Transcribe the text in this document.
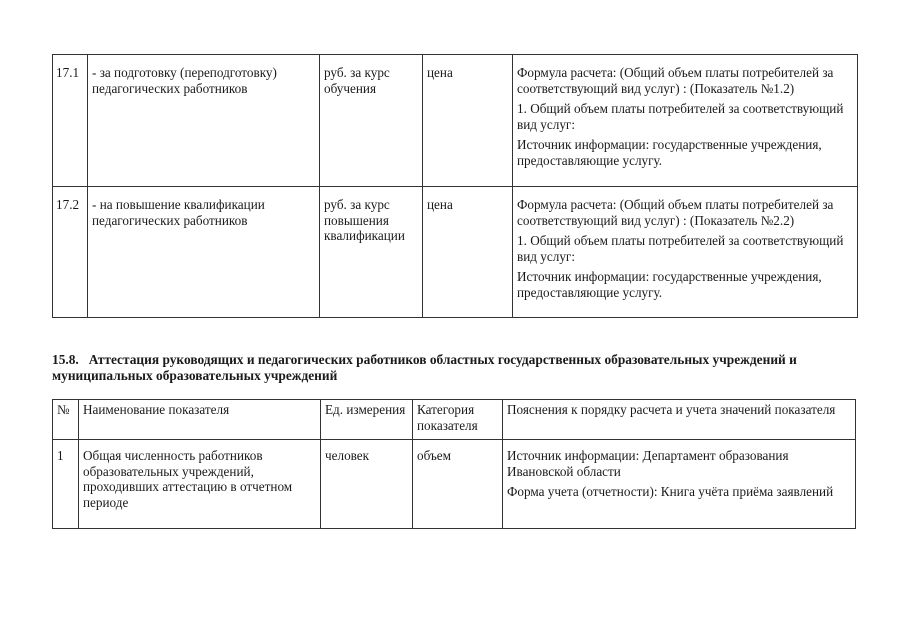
17.1	- за подготовку (переподготовку) педагогических работников	руб. за курс обучения	цена	Формула расчета: (Общий объем платы потребителей за соответствующий вид услуг) : (Показатель №1.2)

1. Общий объем платы потребителей за соответствующий вид услуг:

Источник информации: государственные учреждения, предоставляющие услугу.

17.2	- на повышение квалификации педагогических работников	руб. за курс повышения квалификации	цена	Формула расчета: (Общий объем платы потребителей за соответствующий вид услуг) : (Показатель №2.2)

1. Общий объем платы потребителей за соответствующий вид услуг:

Источник информации: государственные учреждения, предоставляющие услугу.

15.8. Аттестация руководящих и педагогических работников областных государственных образовательных учреждений и муниципальных образовательных учреждений
№	Наименование показателя	Ед. измерения	Категория показателя	Пояснения к порядку расчета и учета значений показателя
1	Общая численность работников образовательных учреждений, проходивших аттестацию в отчетном периоде	человек	объем	Источник информации: Департамент образования Ивановской области

Форма учета (отчетности): Книга учёта приёма заявлений
